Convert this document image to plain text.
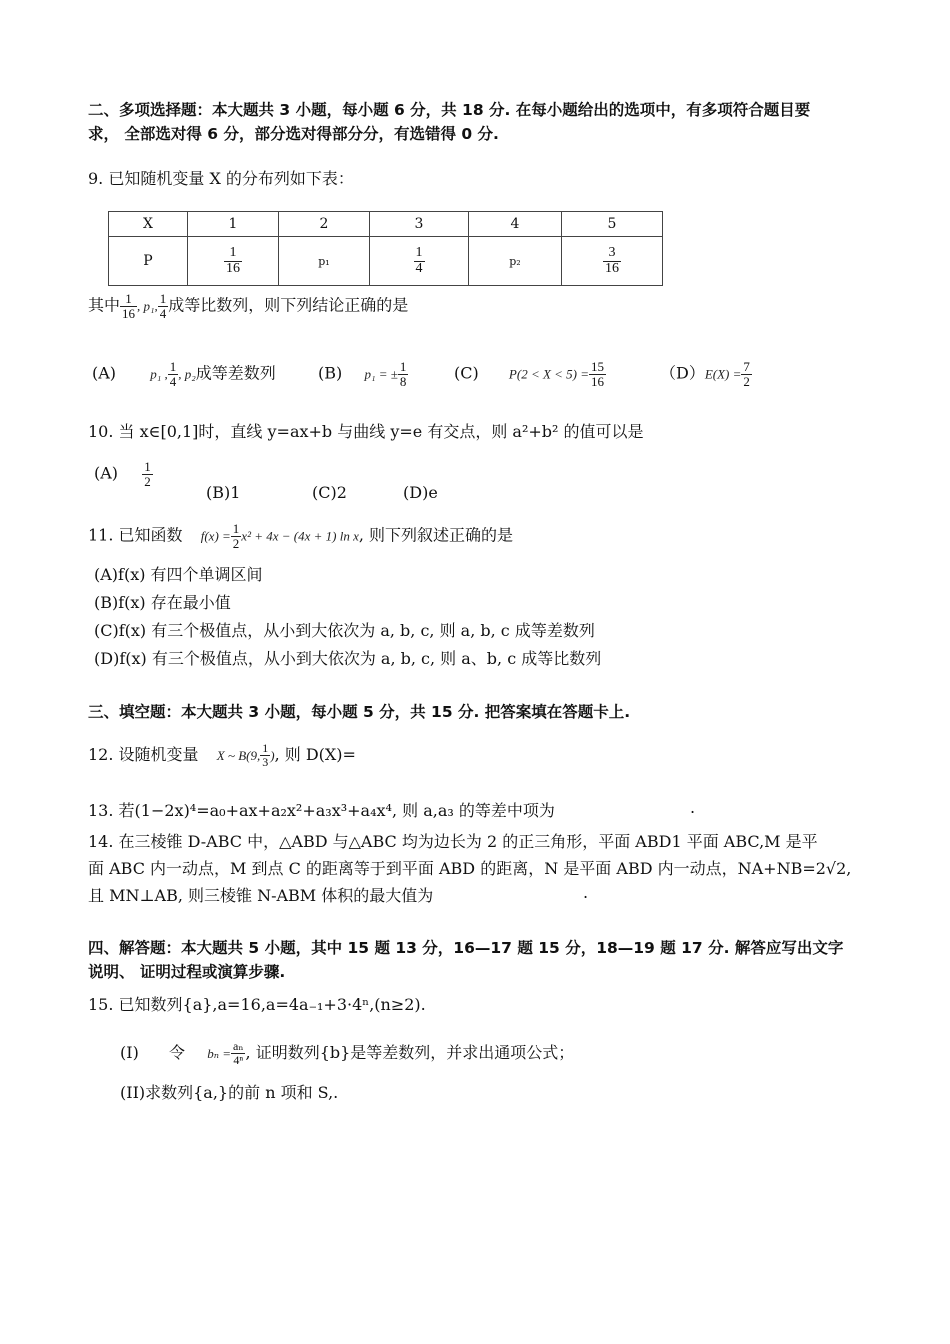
二、多项选择题：本大题共 3 小题，每小题 6 分，共 18 分. 在每小题给出的选项中，有多项符合题目要
求， 全部选对得 6 分，部分选对得部分分，有选错得 0 分.
9. 已知随机变量 X 的分布列如下表：
X	1	2	3	4	5
P	$\frac{1}{16}$	p₁	$\frac{1}{4}$	p₂	$\frac{3}{16}$
其中 $\frac{1}{16}$ , p₁, $\frac{1}{4}$ 成等比数列，则下列结论正确的是
(A)	p₁ , $\frac{1}{4}$ , p₂成等差数列	(B) p₁ = ± $\frac{1}{8}$	(C) $P(2 < X < 5) = \frac{15}{16}$	$(D)E(X) = \frac{7}{2}$
10. 当 x∈[0,1]时，直线 y=ax+b 与曲线 y=e 有交点，则 a²+b² 的值可以是
$(A) \frac{1}{2}$
(B)1	(C)2	(D)e
11. 已知函数 $f(x) = \frac{1}{2} x^2 + 4x - (4x + 1)$ ln x, 则下列叙述正确的是
(A)f(x) 有四个单调区间
(B)f(x) 存在最小值
(C)f(x) 有三个极值点，从小到大依次为 a, b, c, 则 a, b, c 成等差数列
(D)f(x) 有三个极值点，从小到大依次为 a, b, c, 则 a、b, c 成等比数列
三、填空题：本大题共 3 小题，每小题 5 分，共 15 分. 把答案填在答题卡上.
12. 设随机变量 X ~ B(9, $\frac{1}{3}$ ), 则 D(X)=
13. 若(1−2x)⁴=a₀+ax+a₂x²+a₃x³+a₄x⁴, 则 a,a₃ 的等差中项为	.
14. 在三棱锥 D-ABC 中，△ABD 与△ABC 均为边长为 2 的正三角形，平面 ABD1 平面 ABC,M 是平
面 ABC 内一动点，M 到点 C 的距离等于到平面 ABD 的距离，N 是平面 ABD 内一动点，NA+NB=2√2,
且 MN⊥AB, 则三棱锥 N-ABM 体积的最大值为	.
四、解答题：本大题共 5 小题，其中 15 题 13 分，16—17 题 15 分，18—19 题 17 分. 解答应写出文字
说明、 证明过程或演算步骤.
15. 已知数列{a},a=16,a=4a₋₁+3·4ⁿ,(n≥2).
(I) 令 $b_n = \frac{\text{aₙ}}{\text{4ⁿ}}$ , 证明数列{b}是等差数列，并求出通项公式；
(II)求数列{a,}的前 n 项和 S,.
